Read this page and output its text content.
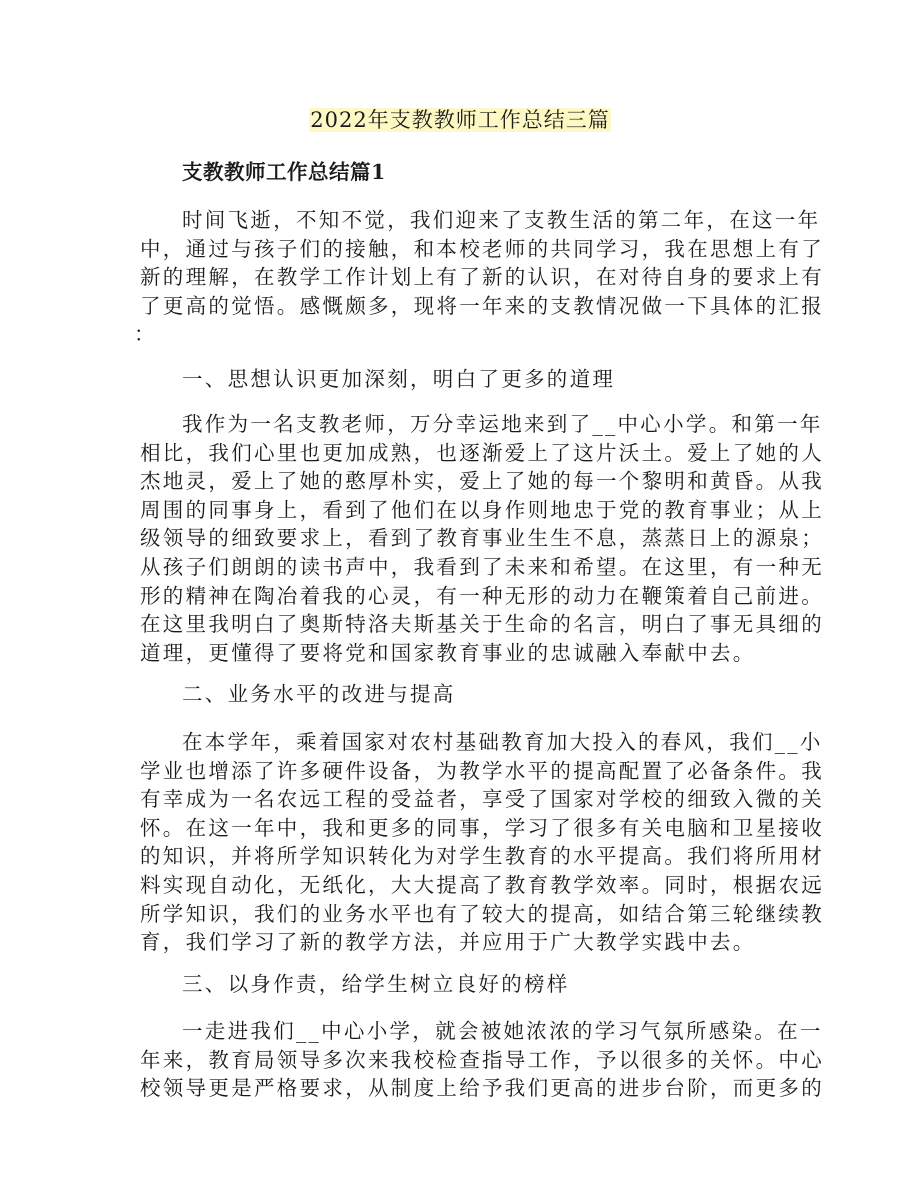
2022年支教教师工作总结三篇
支教教师工作总结篇1
时间飞逝，不知不觉，我们迎来了支教生活的第二年，在这一年
中，通过与孩子们的接触，和本校老师的共同学习，我在思想上有了
新的理解，在教学工作计划上有了新的认识，在对待自身的要求上有
了更高的觉悟。感慨颇多，现将一年来的支教情况做一下具体的汇报
：
一、思想认识更加深刻，明白了更多的道理
我作为一名支教老师，万分幸运地来到了__中心小学。和第一年
相比，我们心里也更加成熟，也逐渐爱上了这片沃土。爱上了她的人
杰地灵，爱上了她的憨厚朴实，爱上了她的每一个黎明和黄昏。从我
周围的同事身上，看到了他们在以身作则地忠于党的教育事业；从上
级领导的细致要求上，看到了教育事业生生不息，蒸蒸日上的源泉；
从孩子们朗朗的读书声中，我看到了未来和希望。在这里，有一种无
形的精神在陶冶着我的心灵，有一种无形的动力在鞭策着自己前进。
在这里我明白了奥斯特洛夫斯基关于生命的名言，明白了事无具细的
道理，更懂得了要将党和国家教育事业的忠诚融入奉献中去。
二、业务水平的改进与提高
在本学年，乘着国家对农村基础教育加大投入的春风，我们__小
学业也增添了许多硬件设备，为教学水平的提高配置了必备条件。我
有幸成为一名农远工程的受益者，享受了国家对学校的细致入微的关
怀。在这一年中，我和更多的同事，学习了很多有关电脑和卫星接收
的知识，并将所学知识转化为对学生教育的水平提高。我们将所用材
料实现自动化，无纸化，大大提高了教育教学效率。同时，根据农远
所学知识，我们的业务水平也有了较大的提高，如结合第三轮继续教
育，我们学习了新的教学方法，并应用于广大教学实践中去。
三、以身作责，给学生树立良好的榜样
一走进我们__中心小学，就会被她浓浓的学习气氛所感染。在一
年来，教育局领导多次来我校检查指导工作，予以很多的关怀。中心
校领导更是严格要求，从制度上给予我们更高的进步台阶，而更多的
